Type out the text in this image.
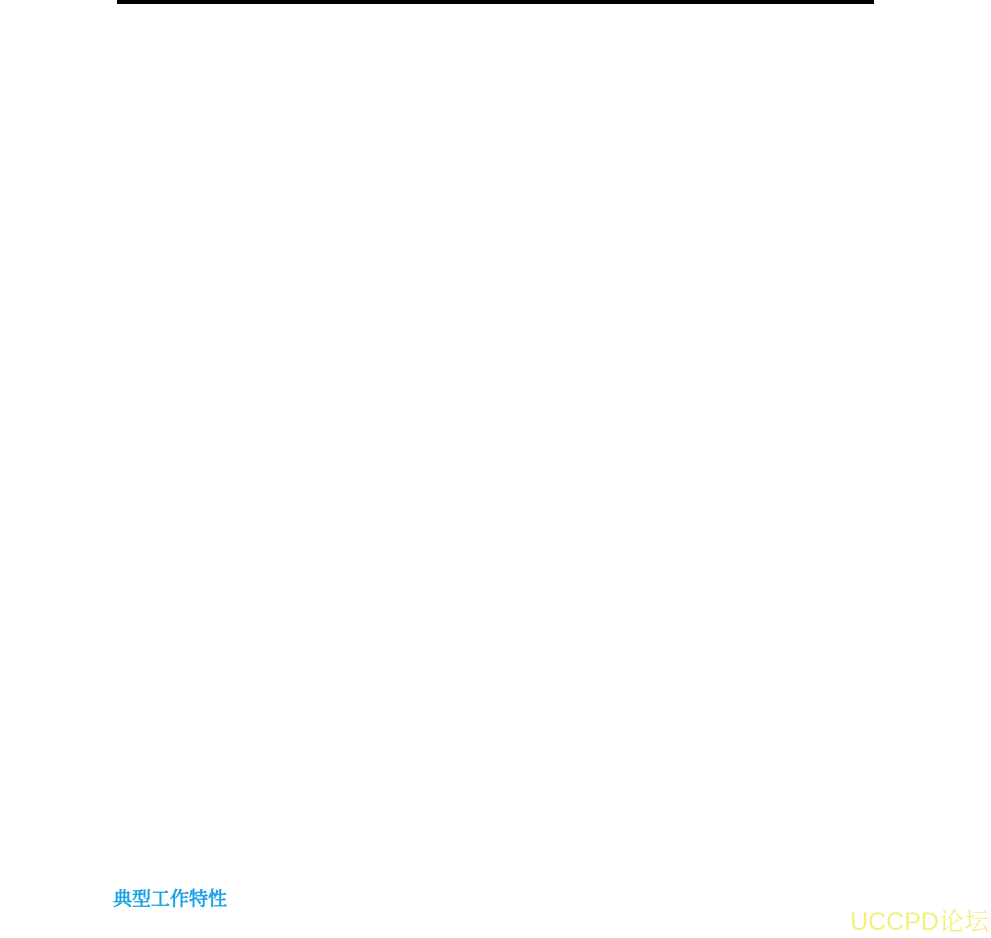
典型工作特性
UCCPD论坛
